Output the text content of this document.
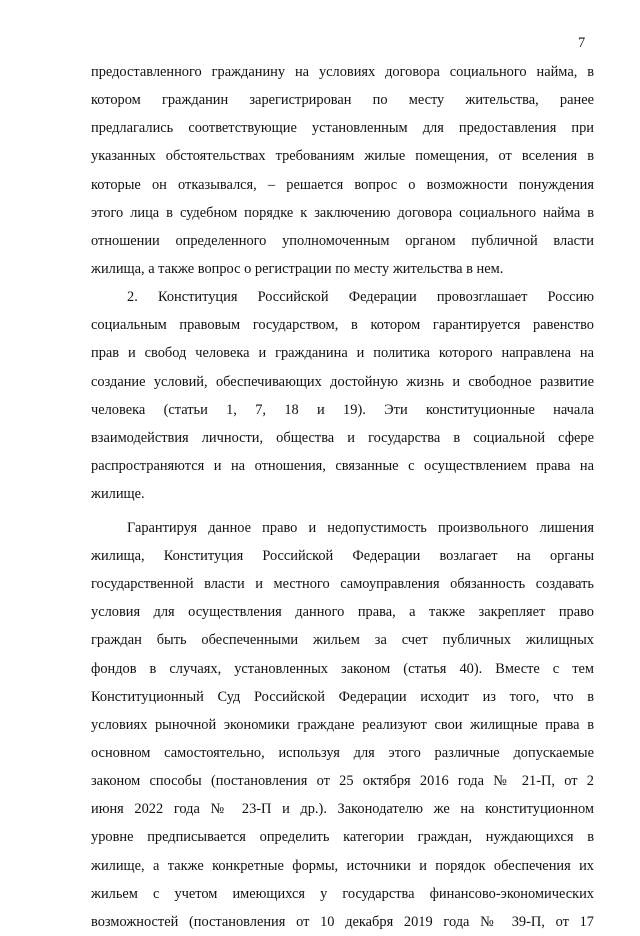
7
предоставленного гражданину на условиях договора социального найма, в
котором гражданин зарегистрирован по месту жительства, ранее
предлагались соответствующие установленным для предоставления при
указанных обстоятельствах требованиям жилые помещения, от вселения в
которые он отказывался, – решается вопрос о возможности понуждения
этого лица в судебном порядке к заключению договора социального найма в
отношении определенного уполномоченным органом публичной власти
жилища, а также вопрос о регистрации по месту жительства в нем.
2. Конституция Российской Федерации провозглашает Россию
социальным правовым государством, в котором гарантируется равенство
прав и свобод человека и гражданина и политика которого направлена на
создание условий, обеспечивающих достойную жизнь и свободное развитие
человека (статьи 1, 7, 18 и 19). Эти конституционные начала
взаимодействия личности, общества и государства в социальной сфере
распространяются и на отношения, связанные с осуществлением права на
жилище.
Гарантируя данное право и недопустимость произвольного лишения
жилища, Конституция Российской Федерации возлагает на органы
государственной власти и местного самоуправления обязанность создавать
условия для осуществления данного права, а также закрепляет право
граждан быть обеспеченными жильем за счет публичных жилищных
фондов в случаях, установленных законом (статья 40). Вместе с тем
Конституционный Суд Российской Федерации исходит из того, что в
условиях рыночной экономики граждане реализуют свои жилищные права в
основном самостоятельно, используя для этого различные допускаемые
законом способы (постановления от 25 октября 2016 года № 21-П, от 2
июня 2022 года № 23-П и др.). Законодателю же на конституционном
уровне предписывается определить категории граждан, нуждающихся в
жилище, а также конкретные формы, источники и порядок обеспечения их
жильем с учетом имеющихся у государства финансово-экономических
возможностей (постановления от 10 декабря 2019 года № 39-П, от 17
